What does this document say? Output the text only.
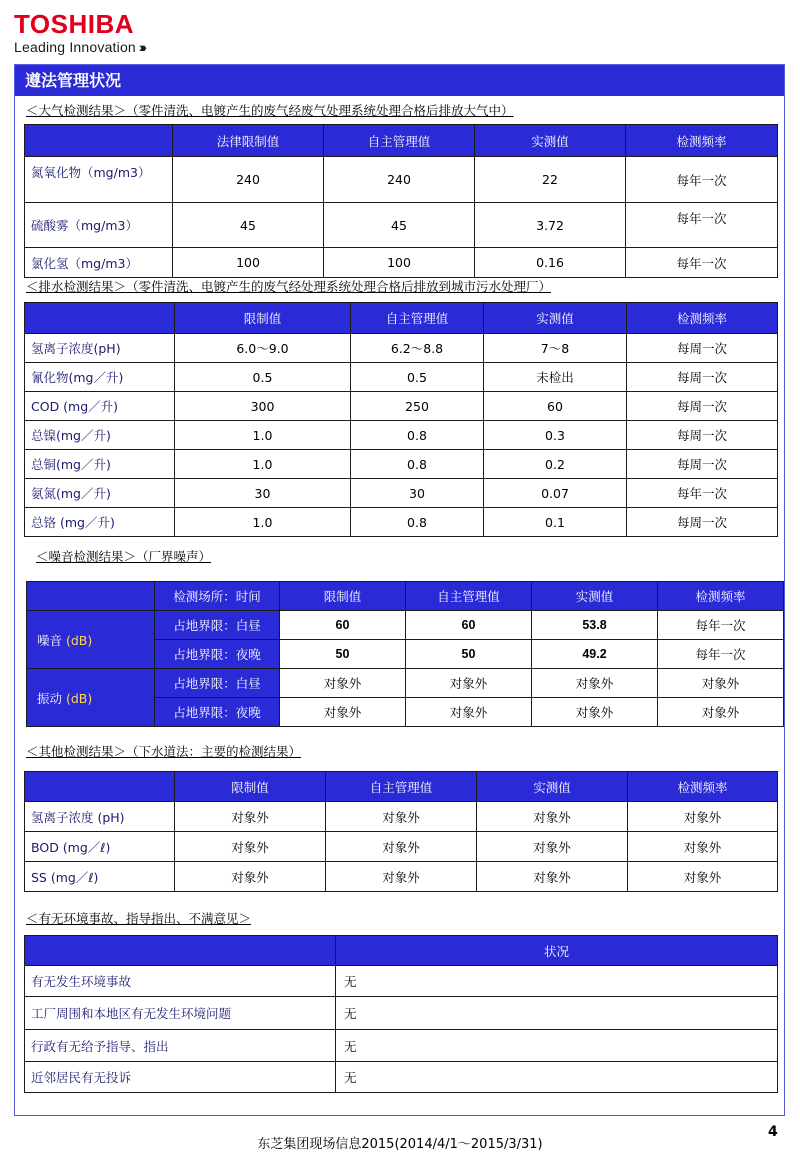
TOSHIBA
Leading Innovation ›››
遵法管理状况
＜大气检测结果＞（零件清洗、电镀产生的废气经废气处理系统处理合格后排放大气中）
	法律限制值	自主管理值	实测值	检测频率
氮氧化物（mg/m3）	240	240	22	每年一次
硫酸雾（mg/m3）	45	45	3.72	每年一次
氯化氢（mg/m3）	100	100	0.16	每年一次
＜排水检测结果＞（零件清洗、电镀产生的废气经处理系统处理合格后排放到城市污水处理厂）
	限制值	自主管理值	实测值	检测频率
氢离子浓度(pH)	6.0～9.0	6.2～8.8	7～8	每周一次
氰化物(mg／升)	0.5	0.5	未检出	每周一次
COD (mg／升)	300	250	60	每周一次
总镍(mg／升)	1.0	0.8	0.3	每周一次
总铜(mg／升)	1.0	0.8	0.2	每周一次
氨氮(mg／升)	30	30	0.07	每年一次
总铬 (mg／升)	1.0	0.8	0.1	每周一次
＜噪音检测结果＞（厂界噪声）
	检测场所：时间	限制值	自主管理值	实测值	检测频率
噪音 (dB)	占地界限：白昼	60	60	53.8	每年一次
	占地界限：夜晚	50	50	49.2	每年一次
振动 (dB)	占地界限：白昼	对象外	对象外	对象外	对象外
	占地界限：夜晚	对象外	对象外	对象外	对象外
＜其他检测结果＞（下水道法：主要的检测结果）
	限制值	自主管理值	实测值	检测频率
氢离子浓度 (pH)	对象外	对象外	对象外	对象外
BOD (mg／ℓ)	对象外	对象外	对象外	对象外
SS (mg／ℓ)	对象外	对象外	对象外	对象外
＜有无环境事故、指导指出、不满意见＞
	状况
有无发生环境事故	无
工厂周围和本地区有无发生环境问题	无
行政有无给予指导、指出	无
近邻居民有无投诉	无
4
东芝集团现场信息2015(2014/4/1～2015/3/31)
